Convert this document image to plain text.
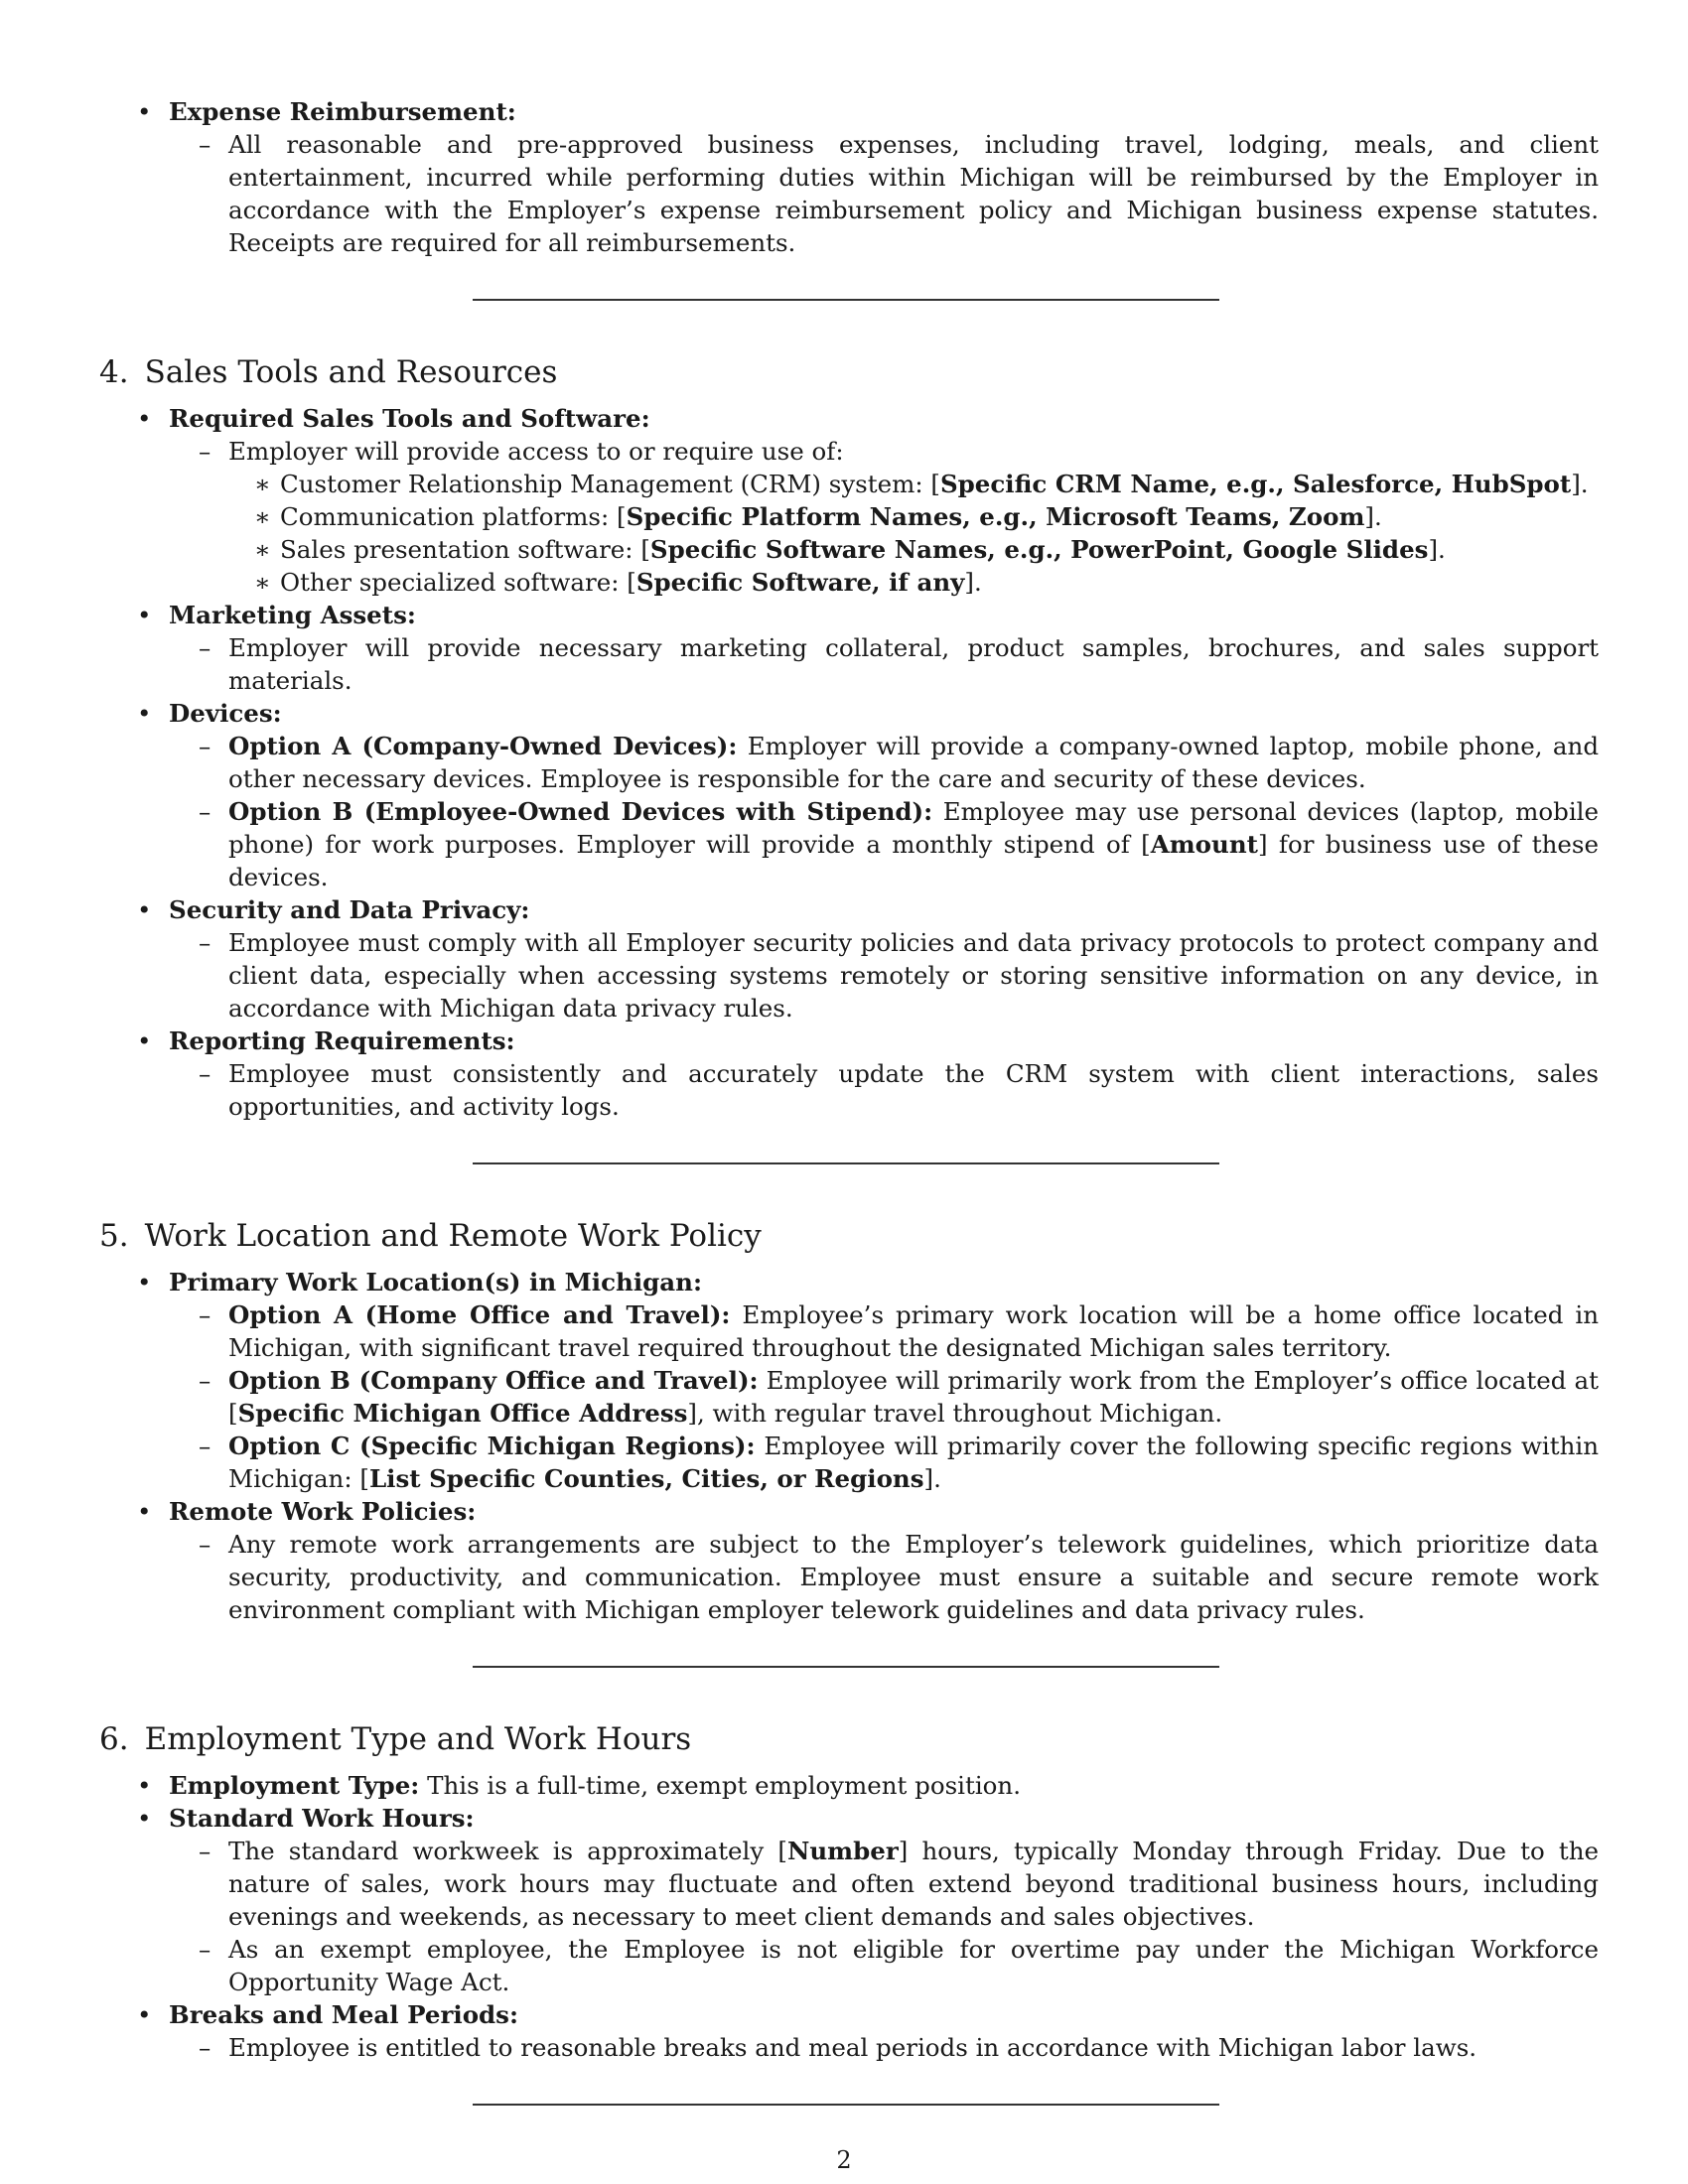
• Expense Reimbursement:
– All reasonable and pre-approved business expenses, including travel, lodging, meals, and client entertainment, incurred while performing duties within Michigan will be reimbursed by the Employer in accordance with the Employer’s expense reimbursement policy and Michigan business expense statutes. Receipts are required for all reimbursements.
4. Sales Tools and Resources
• Required Sales Tools and Software:
– Employer will provide access to or require use of:
∗ Customer Relationship Management (CRM) system: [Specific CRM Name, e.g., Salesforce, HubSpot].
∗ Communication platforms: [Specific Platform Names, e.g., Microsoft Teams, Zoom].
∗ Sales presentation software: [Specific Software Names, e.g., PowerPoint, Google Slides].
∗ Other specialized software: [Specific Software, if any].
• Marketing Assets:
– Employer will provide necessary marketing collateral, product samples, brochures, and sales support materials.
• Devices:
– Option A (Company-Owned Devices): Employer will provide a company-owned laptop, mobile phone, and other necessary devices. Employee is responsible for the care and security of these devices.
– Option B (Employee-Owned Devices with Stipend): Employee may use personal devices (laptop, mobile phone) for work purposes. Employer will provide a monthly stipend of [Amount] for business use of these devices.
• Security and Data Privacy:
– Employee must comply with all Employer security policies and data privacy protocols to protect company and client data, especially when accessing systems remotely or storing sensitive information on any device, in accordance with Michigan data privacy rules.
• Reporting Requirements:
– Employee must consistently and accurately update the CRM system with client interactions, sales opportunities, and activity logs.
5. Work Location and Remote Work Policy
• Primary Work Location(s) in Michigan:
– Option A (Home Office and Travel): Employee’s primary work location will be a home office located in Michigan, with significant travel required throughout the designated Michigan sales territory.
– Option B (Company Office and Travel): Employee will primarily work from the Employer’s office located at [Specific Michigan Office Address], with regular travel throughout Michigan.
– Option C (Specific Michigan Regions): Employee will primarily cover the following specific regions within Michigan: [List Specific Counties, Cities, or Regions].
• Remote Work Policies:
– Any remote work arrangements are subject to the Employer’s telework guidelines, which prioritize data security, productivity, and communication. Employee must ensure a suitable and secure remote work environment compliant with Michigan employer telework guidelines and data privacy rules.
6. Employment Type and Work Hours
• Employment Type: This is a full-time, exempt employment position.
• Standard Work Hours:
– The standard workweek is approximately [Number] hours, typically Monday through Friday. Due to the nature of sales, work hours may fluctuate and often extend beyond traditional business hours, including evenings and weekends, as necessary to meet client demands and sales objectives.
– As an exempt employee, the Employee is not eligible for overtime pay under the Michigan Workforce Opportunity Wage Act.
• Breaks and Meal Periods:
– Employee is entitled to reasonable breaks and meal periods in accordance with Michigan labor laws.
2
